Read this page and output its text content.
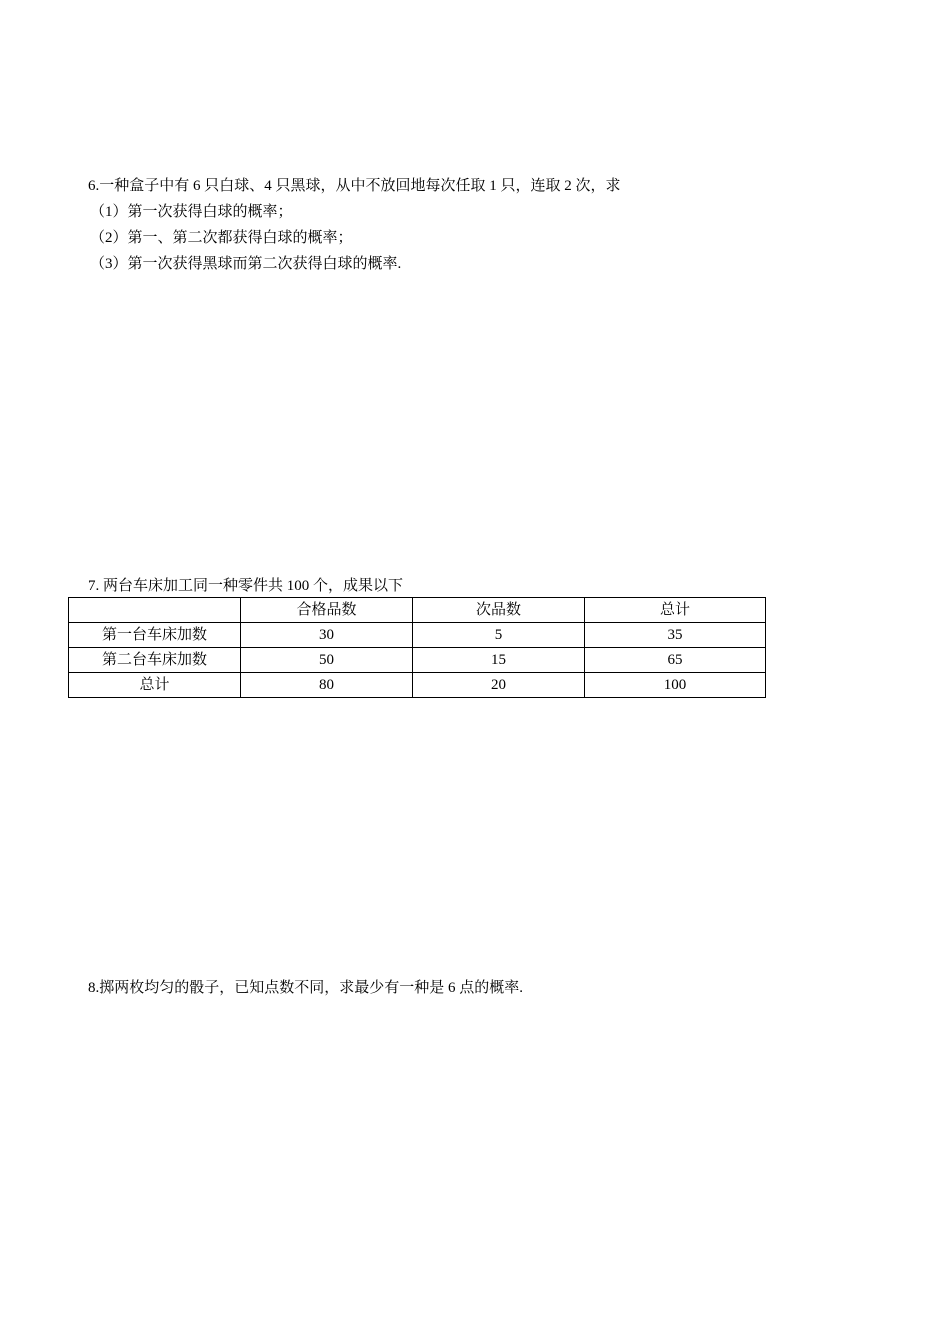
6.一种盒子中有 6 只白球、4 只黑球，从中不放回地每次任取 1 只，连取 2 次，求
（1）第一次获得白球的概率；
（2）第一、第二次都获得白球的概率；
（3）第一次获得黑球而第二次获得白球的概率.
7. 两台车床加工同一种零件共 100 个，成果以下
	合格品数	次品数	总计
第一台车床加数	30	5	35
第二台车床加数	50	15	65
总计	80	20	100
8.掷两枚均匀的骰子，已知点数不同，求最少有一种是 6 点的概率.
